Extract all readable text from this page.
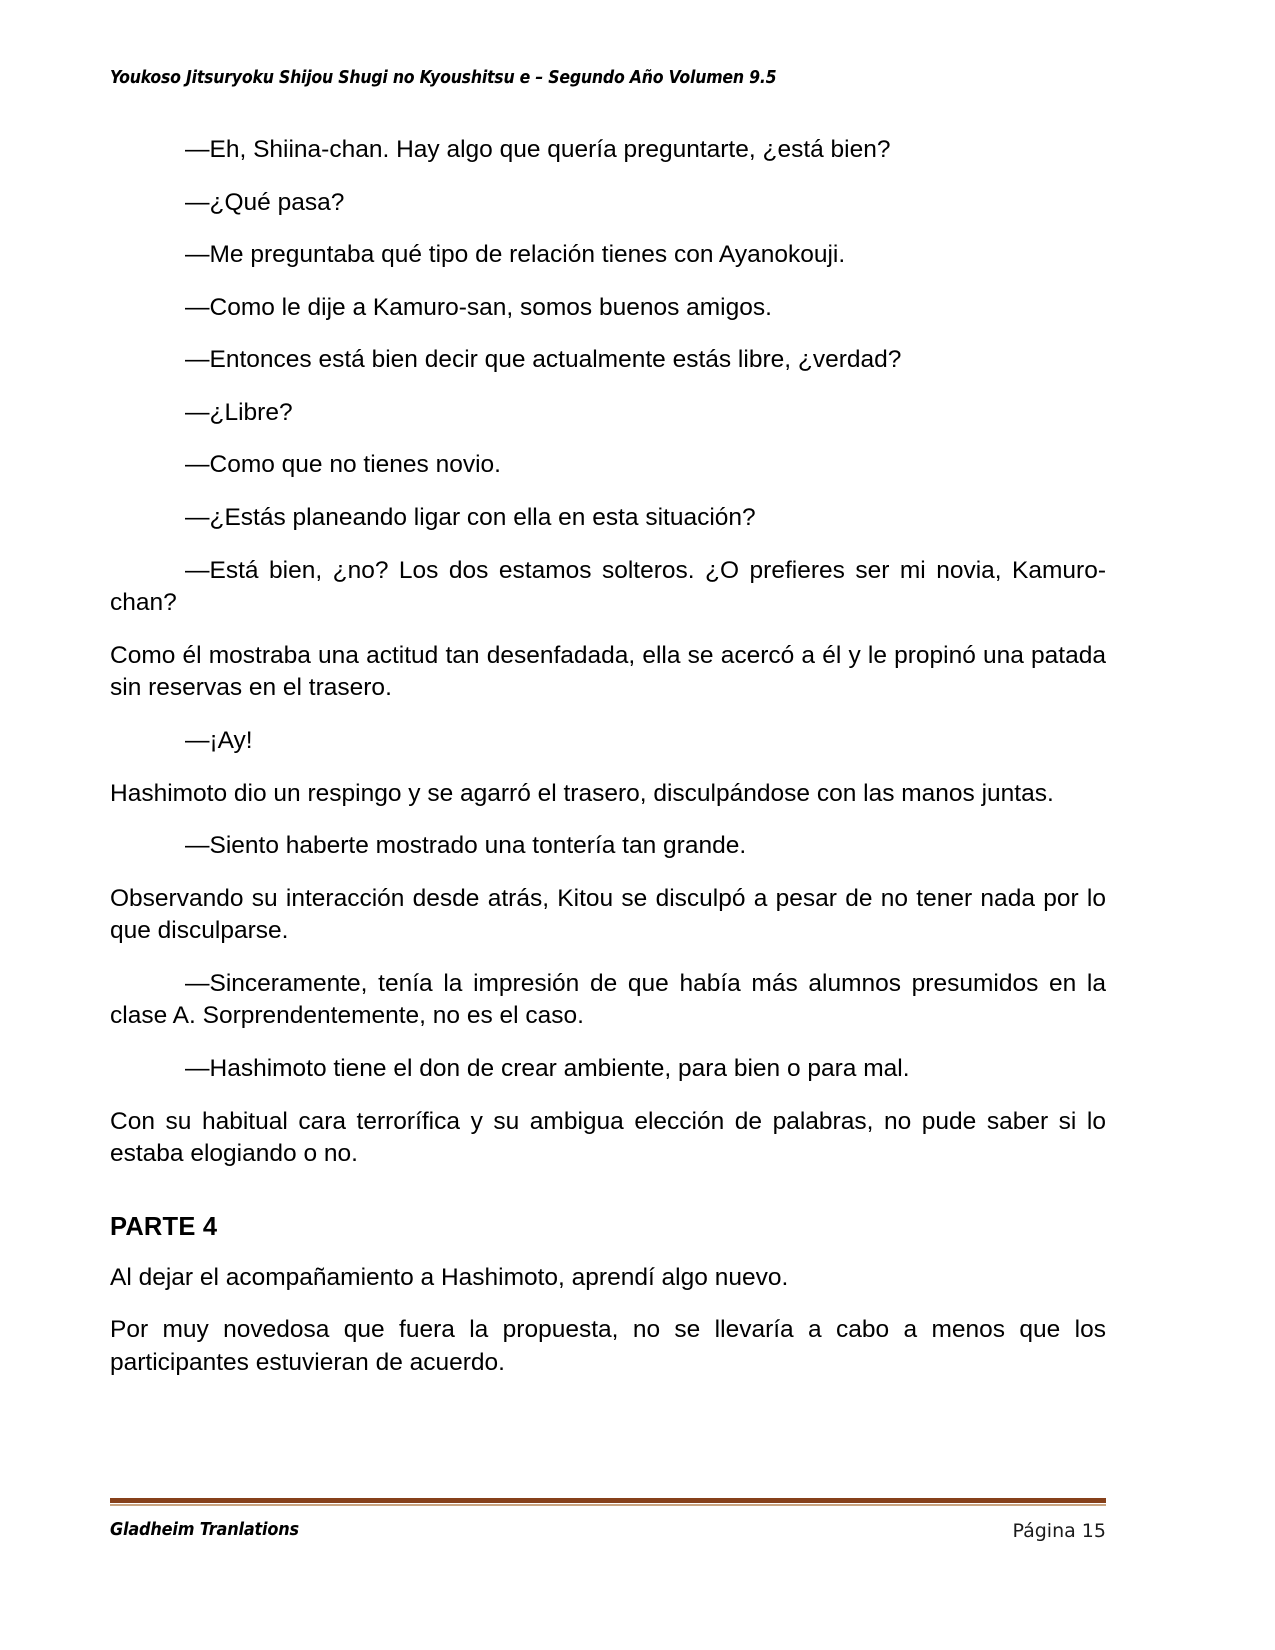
Youkoso Jitsuryoku Shijou Shugi no Kyoushitsu e – Segundo Año Volumen 9.5

—Eh, Shiina-chan. Hay algo que quería preguntarte, ¿está bien?

—¿Qué pasa?

—Me preguntaba qué tipo de relación tienes con Ayanokouji.

—Como le dije a Kamuro-san, somos buenos amigos.

—Entonces está bien decir que actualmente estás libre, ¿verdad?

—¿Libre?

—Como que no tienes novio.

—¿Estás planeando ligar con ella en esta situación?

—Está bien, ¿no? Los dos estamos solteros. ¿O prefieres ser mi novia, Kamuro-chan?

Como él mostraba una actitud tan desenfadada, ella se acercó a él y le propinó una patada sin reservas en el trasero.

—¡Ay!

Hashimoto dio un respingo y se agarró el trasero, disculpándose con las manos juntas.

—Siento haberte mostrado una tontería tan grande.

Observando su interacción desde atrás, Kitou se disculpó a pesar de no tener nada por lo que disculparse.

—Sinceramente, tenía la impresión de que había más alumnos presumidos en la clase A. Sorprendentemente, no es el caso.

—Hashimoto tiene el don de crear ambiente, para bien o para mal.

Con su habitual cara terrorífica y su ambigua elección de palabras, no pude saber si lo estaba elogiando o no.

PARTE 4

Al dejar el acompañamiento a Hashimoto, aprendí algo nuevo.

Por muy novedosa que fuera la propuesta, no se llevaría a cabo a menos que los participantes estuvieran de acuerdo.

Gladheim Tranlations	Página 15
